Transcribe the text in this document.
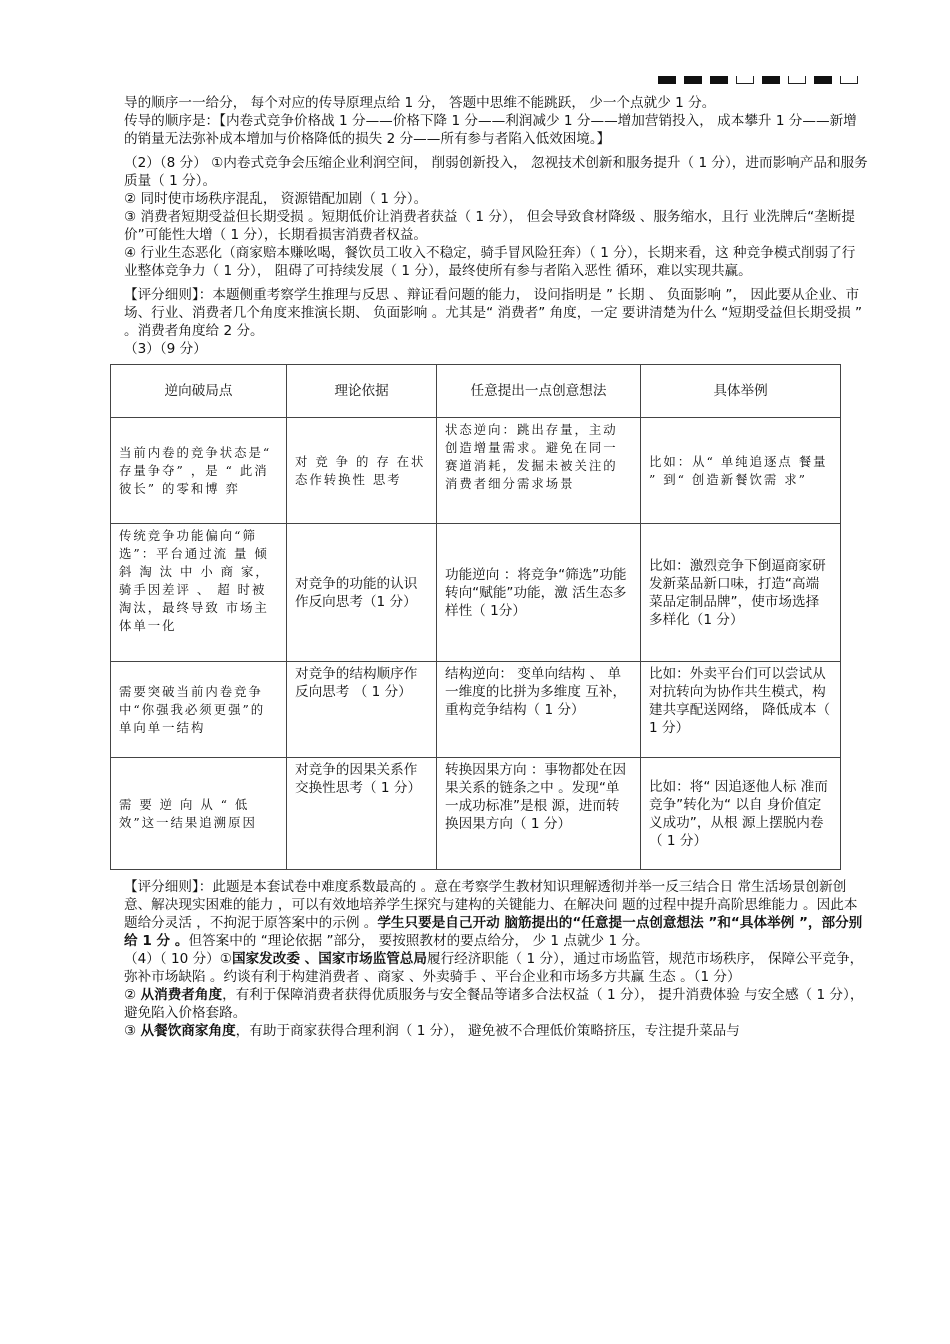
导的顺序一一给分， 每个对应的传导原理点给 1 分， 答题中思维不能跳跃， 少一个点就少 1 分。

传导的顺序是：【内卷式竞争价格战 1 分——价格下降 1 分——利润减少 1 分——增加营销投入， 成本攀升 1 分——新增的销量无法弥补成本增加与价格降低的损失 2 分——所有参与者陷入低效困境。】

（2）（8 分） ①内卷式竞争会压缩企业利润空间， 削弱创新投入， 忽视技术创新和服务提升（ 1 分），进而影响产品和服务质量（ 1 分）。

② 同时使市场秩序混乱， 资源错配加剧（ 1 分）。

③ 消费者短期受益但长期受损 。短期低价让消费者获益（ 1 分）， 但会导致食材降级 、服务缩水，且行 业洗牌后“垄断提价”可能性大增（ 1 分），长期看损害消费者权益。

④ 行业生态恶化（商家赔本赚吆喝，餐饮员工收入不稳定，骑手冒风险狂奔）（ 1 分），长期来看，这 种竞争模式削弱了行业整体竞争力（ 1 分）， 阻碍了可持续发展（ 1 分），最终使所有参与者陷入恶性 循环，难以实现共赢。

【评分细则】：本题侧重考察学生推理与反思 、辩证看问题的能力， 设问指明是 ” 长期 、 负面影响 ”， 因此要从企业、市场、行业、消费者几个角度来推演长期、 负面影响 。尤其是“ 消费者” 角度，一定 要讲清楚为什么 “短期受益但长期受损 ” 。消费者角度给 2 分。

（3）（9 分）

逆向破局点	理论依据	任意提出一点创意想法	具体举例
当前内卷的竞争状态是“ 存量争夺” ，是 “ 此消彼长” 的零和博 弈	对 竞 争 的 存 在状态作转换性 思考	状态逆向：跳出存量，主动创造增量需求。避免在同一赛道消耗，发掘未被关注的消费者细分需求场景	比如：从“ 单纯追逐点 餐量 ” 到“ 创造新餐饮需 求”
传统竞争功能偏向“筛选”：平台通过流 量 倾 斜 淘 汰 中 小 商 家，骑手因差评 、 超 时被淘汰，最终导致 市场主体单一化	对竞争的功能的认识作反向思考（1 分）	功能逆向 ：将竞争“筛选”功能转向“赋能”功能，激 活生态多样性（ 1分）	比如：激烈竞争下倒逼商家研发新菜品新口味，打造“高端菜品定制品牌”，使市场选择多样化（1 分）
需要突破当前内卷竞争中“你强我必须更强”的单向单一结构	对竞争的结构顺序作反向思考 （ 1 分）	结构逆向： 变单向结构 、 单一维度的比拼为多维度 互补， 重构竞争结构（ 1 分）	比如：外卖平台们可以尝试从对抗转向为协作共生模式，构建共享配送网络， 降低成本（ 1 分）
需 要 逆 向 从 “ 低 效”这一结果追溯原因	对竞争的因果关系作交换性思考（ 1 分）	转换因果方向 ：事物都处在因果关系的链条之中 。发现“单一成功标准”是根 源，进而转换因果方向（ 1 分）	比如：将“ 因追逐他人标 准而竞争”转化为“ 以自 身价值定义成功”，从根 源上摆脱内卷（ 1 分）

【评分细则】：此题是本套试卷中难度系数最高的 。意在考察学生教材知识理解透彻并举一反三结合日 常生活场景创新创意、解决现实困难的能力 ，可以有效地培养学生探究与建构的关键能力、在解决问 题的过程中提升高阶思维能力 。因此本题给分灵活 ，不拘泥于原答案中的示例 。学生只要是自己开动 脑筋提出的“任意提一点创意想法 ”和“具体举例 ”，部分别给 1 分 。但答案中的 “理论依据 ”部分， 要按照教材的要点给分， 少 1 点就少 1 分。

（4）（ 10 分）①国家发改委 、国家市场监管总局履行经济职能（ 1 分），通过市场监管，规范市场秩序， 保障公平竞争，弥补市场缺陷 。约谈有利于构建消费者 、商家 、外卖骑手 、平台企业和市场多方共赢 生态 。（1 分）

② 从消费者角度，有利于保障消费者获得优质服务与安全餐品等诸多合法权益（ 1 分）， 提升消费体验 与安全感（ 1 分），避免陷入价格套路。

③ 从餐饮商家角度，有助于商家获得合理利润（ 1 分）， 避免被不合理低价策略挤压，专注提升菜品与
